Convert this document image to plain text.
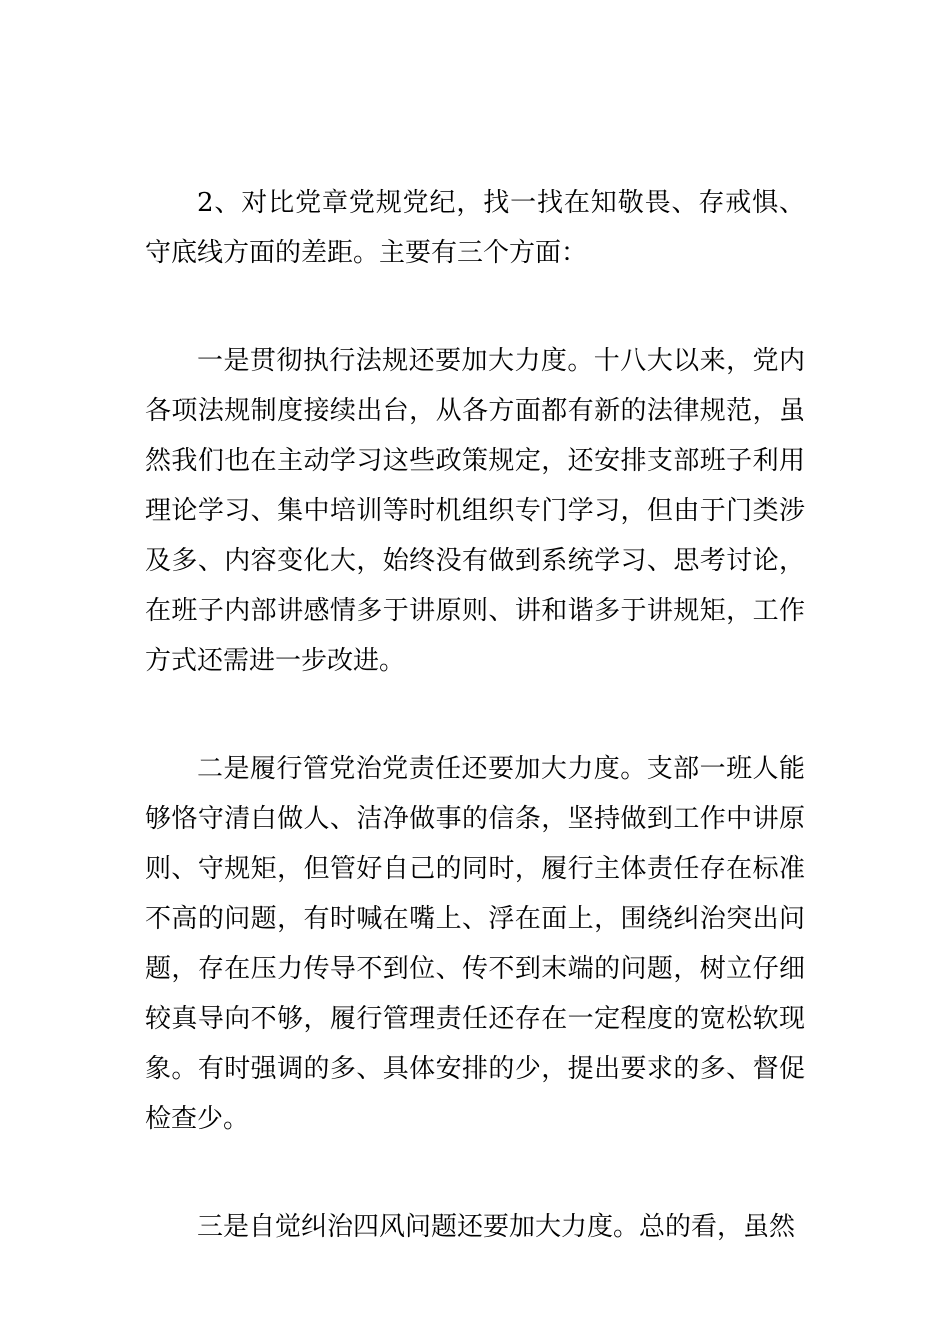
2、对比党章党规党纪，找一找在知敬畏、存戒惧、守底线方面的差距。主要有三个方面：

一是贯彻执行法规还要加大力度。十八大以来，党内各项法规制度接续出台，从各方面都有新的法律规范，虽然我们也在主动学习这些政策规定，还安排支部班子利用理论学习、集中培训等时机组织专门学习，但由于门类涉及多、内容变化大，始终没有做到系统学习、思考讨论，在班子内部讲感情多于讲原则、讲和谐多于讲规矩，工作方式还需进一步改进。

二是履行管党治党责任还要加大力度。支部一班人能够恪守清白做人、洁净做事的信条，坚持做到工作中讲原则、守规矩，但管好自己的同时，履行主体责任存在标准不高的问题，有时喊在嘴上、浮在面上，围绕纠治突出问题，存在压力传导不到位、传不到末端的问题，树立仔细较真导向不够，履行管理责任还存在一定程度的宽松软现象。有时强调的多、具体安排的少，提出要求的多、督促检查少。

三是自觉纠治四风问题还要加大力度。总的看，虽然
